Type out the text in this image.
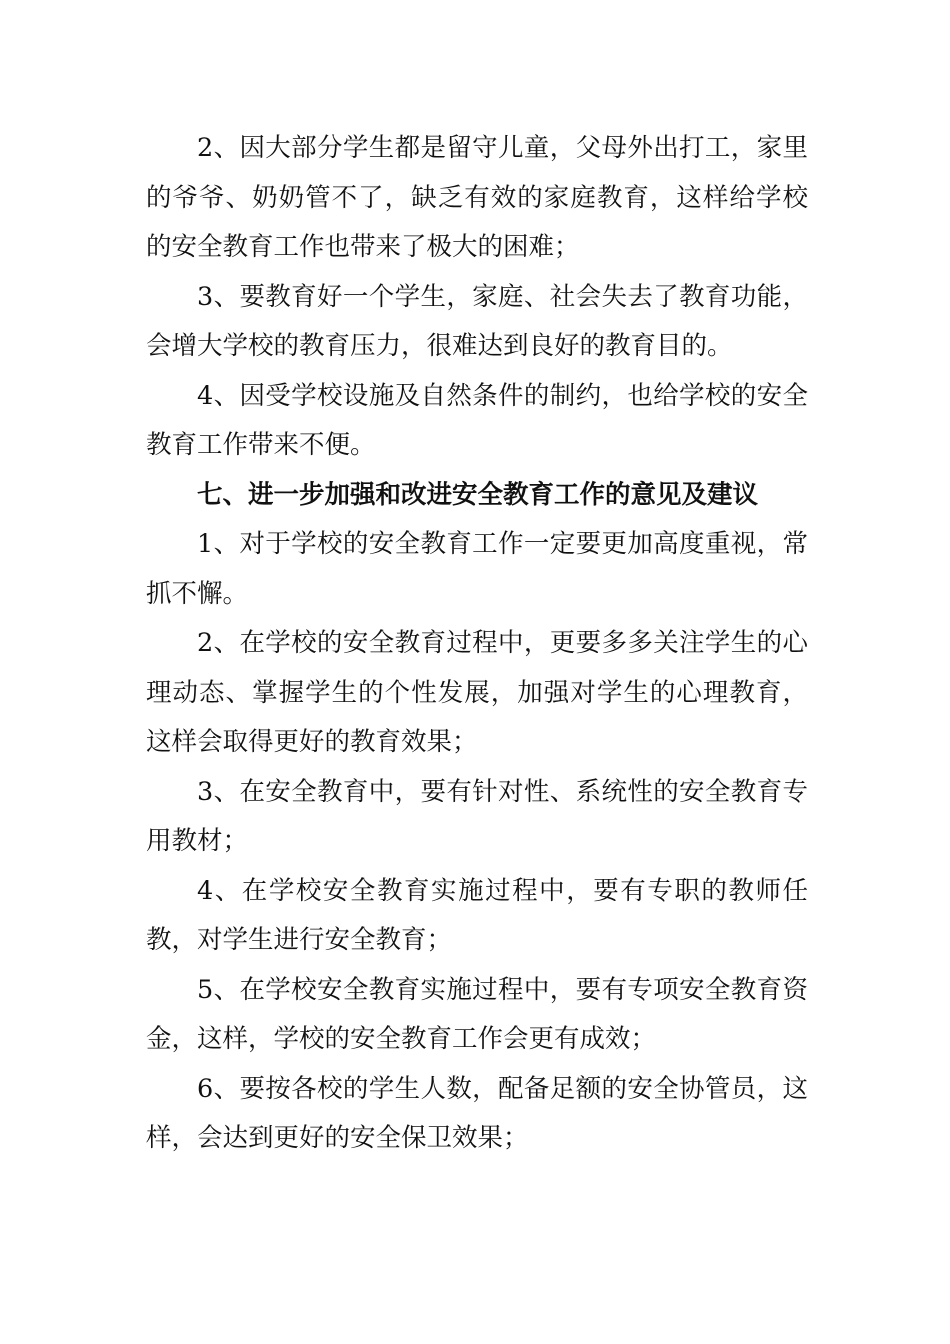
2、因大部分学生都是留守儿童，父母外出打工，家里的爷爷、奶奶管不了，缺乏有效的家庭教育，这样给学校的安全教育工作也带来了极大的困难；

3、要教育好一个学生，家庭、社会失去了教育功能，会增大学校的教育压力，很难达到良好的教育目的。

4、因受学校设施及自然条件的制约，也给学校的安全教育工作带来不便。

七、进一步加强和改进安全教育工作的意见及建议

1、对于学校的安全教育工作一定要更加高度重视，常抓不懈。

2、在学校的安全教育过程中，更要多多关注学生的心理动态、掌握学生的个性发展，加强对学生的心理教育，这样会取得更好的教育效果；

3、在安全教育中，要有针对性、系统性的安全教育专用教材；

4、在学校安全教育实施过程中，要有专职的教师任教，对学生进行安全教育；

5、在学校安全教育实施过程中，要有专项安全教育资金，这样，学校的安全教育工作会更有成效；

6、要按各校的学生人数，配备足额的安全协管员，这样，会达到更好的安全保卫效果；
